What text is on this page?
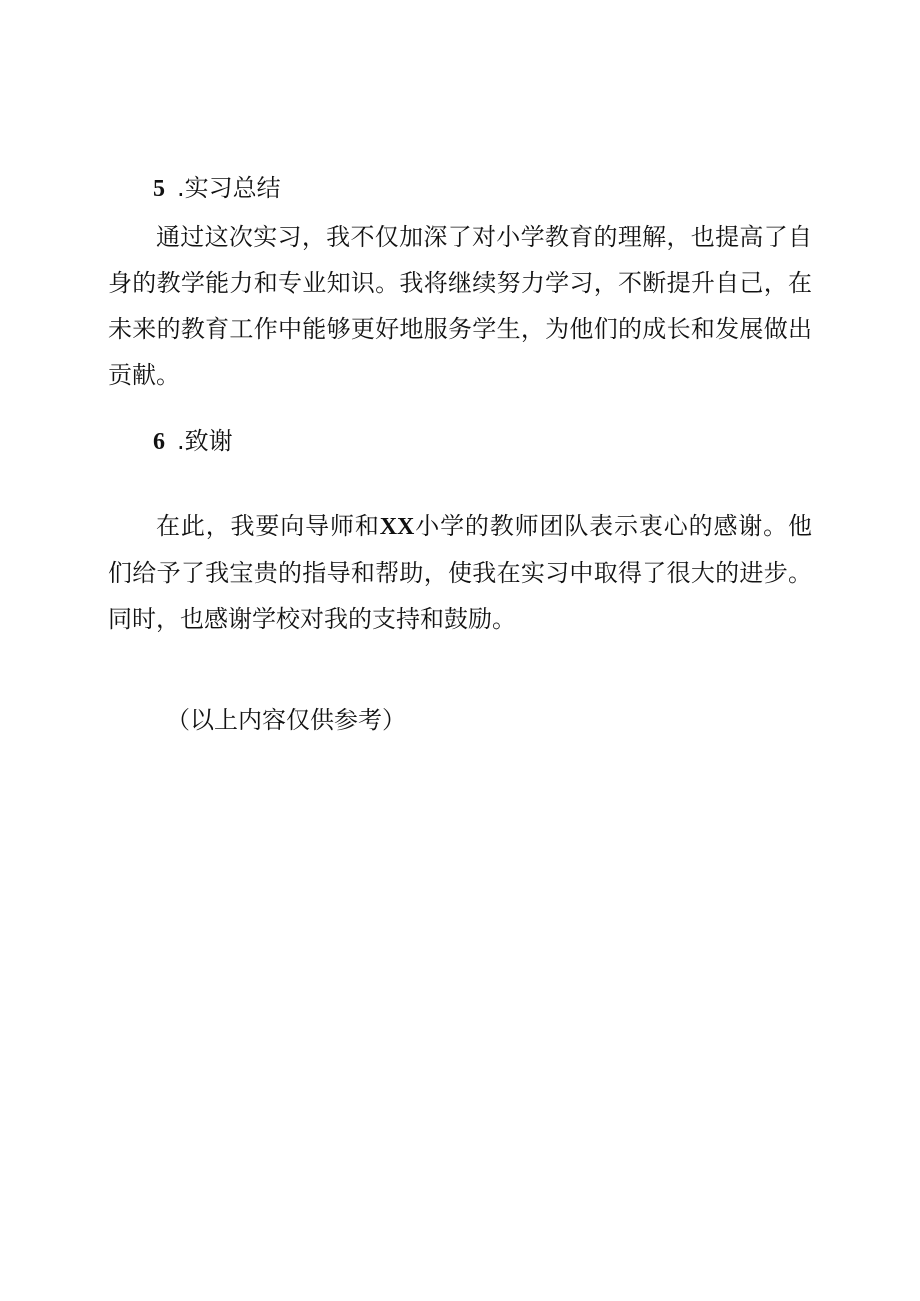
5 .实习总结

通过这次实习，我不仅加深了对小学教育的理解，也提高了自身的教学能力和专业知识。我将继续努力学习，不断提升自己，在未来的教育工作中能够更好地服务学生，为他们的成长和发展做出贡献。

6 .致谢

在此，我要向导师和XX小学的教师团队表示衷心的感谢。他们给予了我宝贵的指导和帮助，使我在实习中取得了很大的进步。同时，也感谢学校对我的支持和鼓励。

（以上内容仅供参考）
